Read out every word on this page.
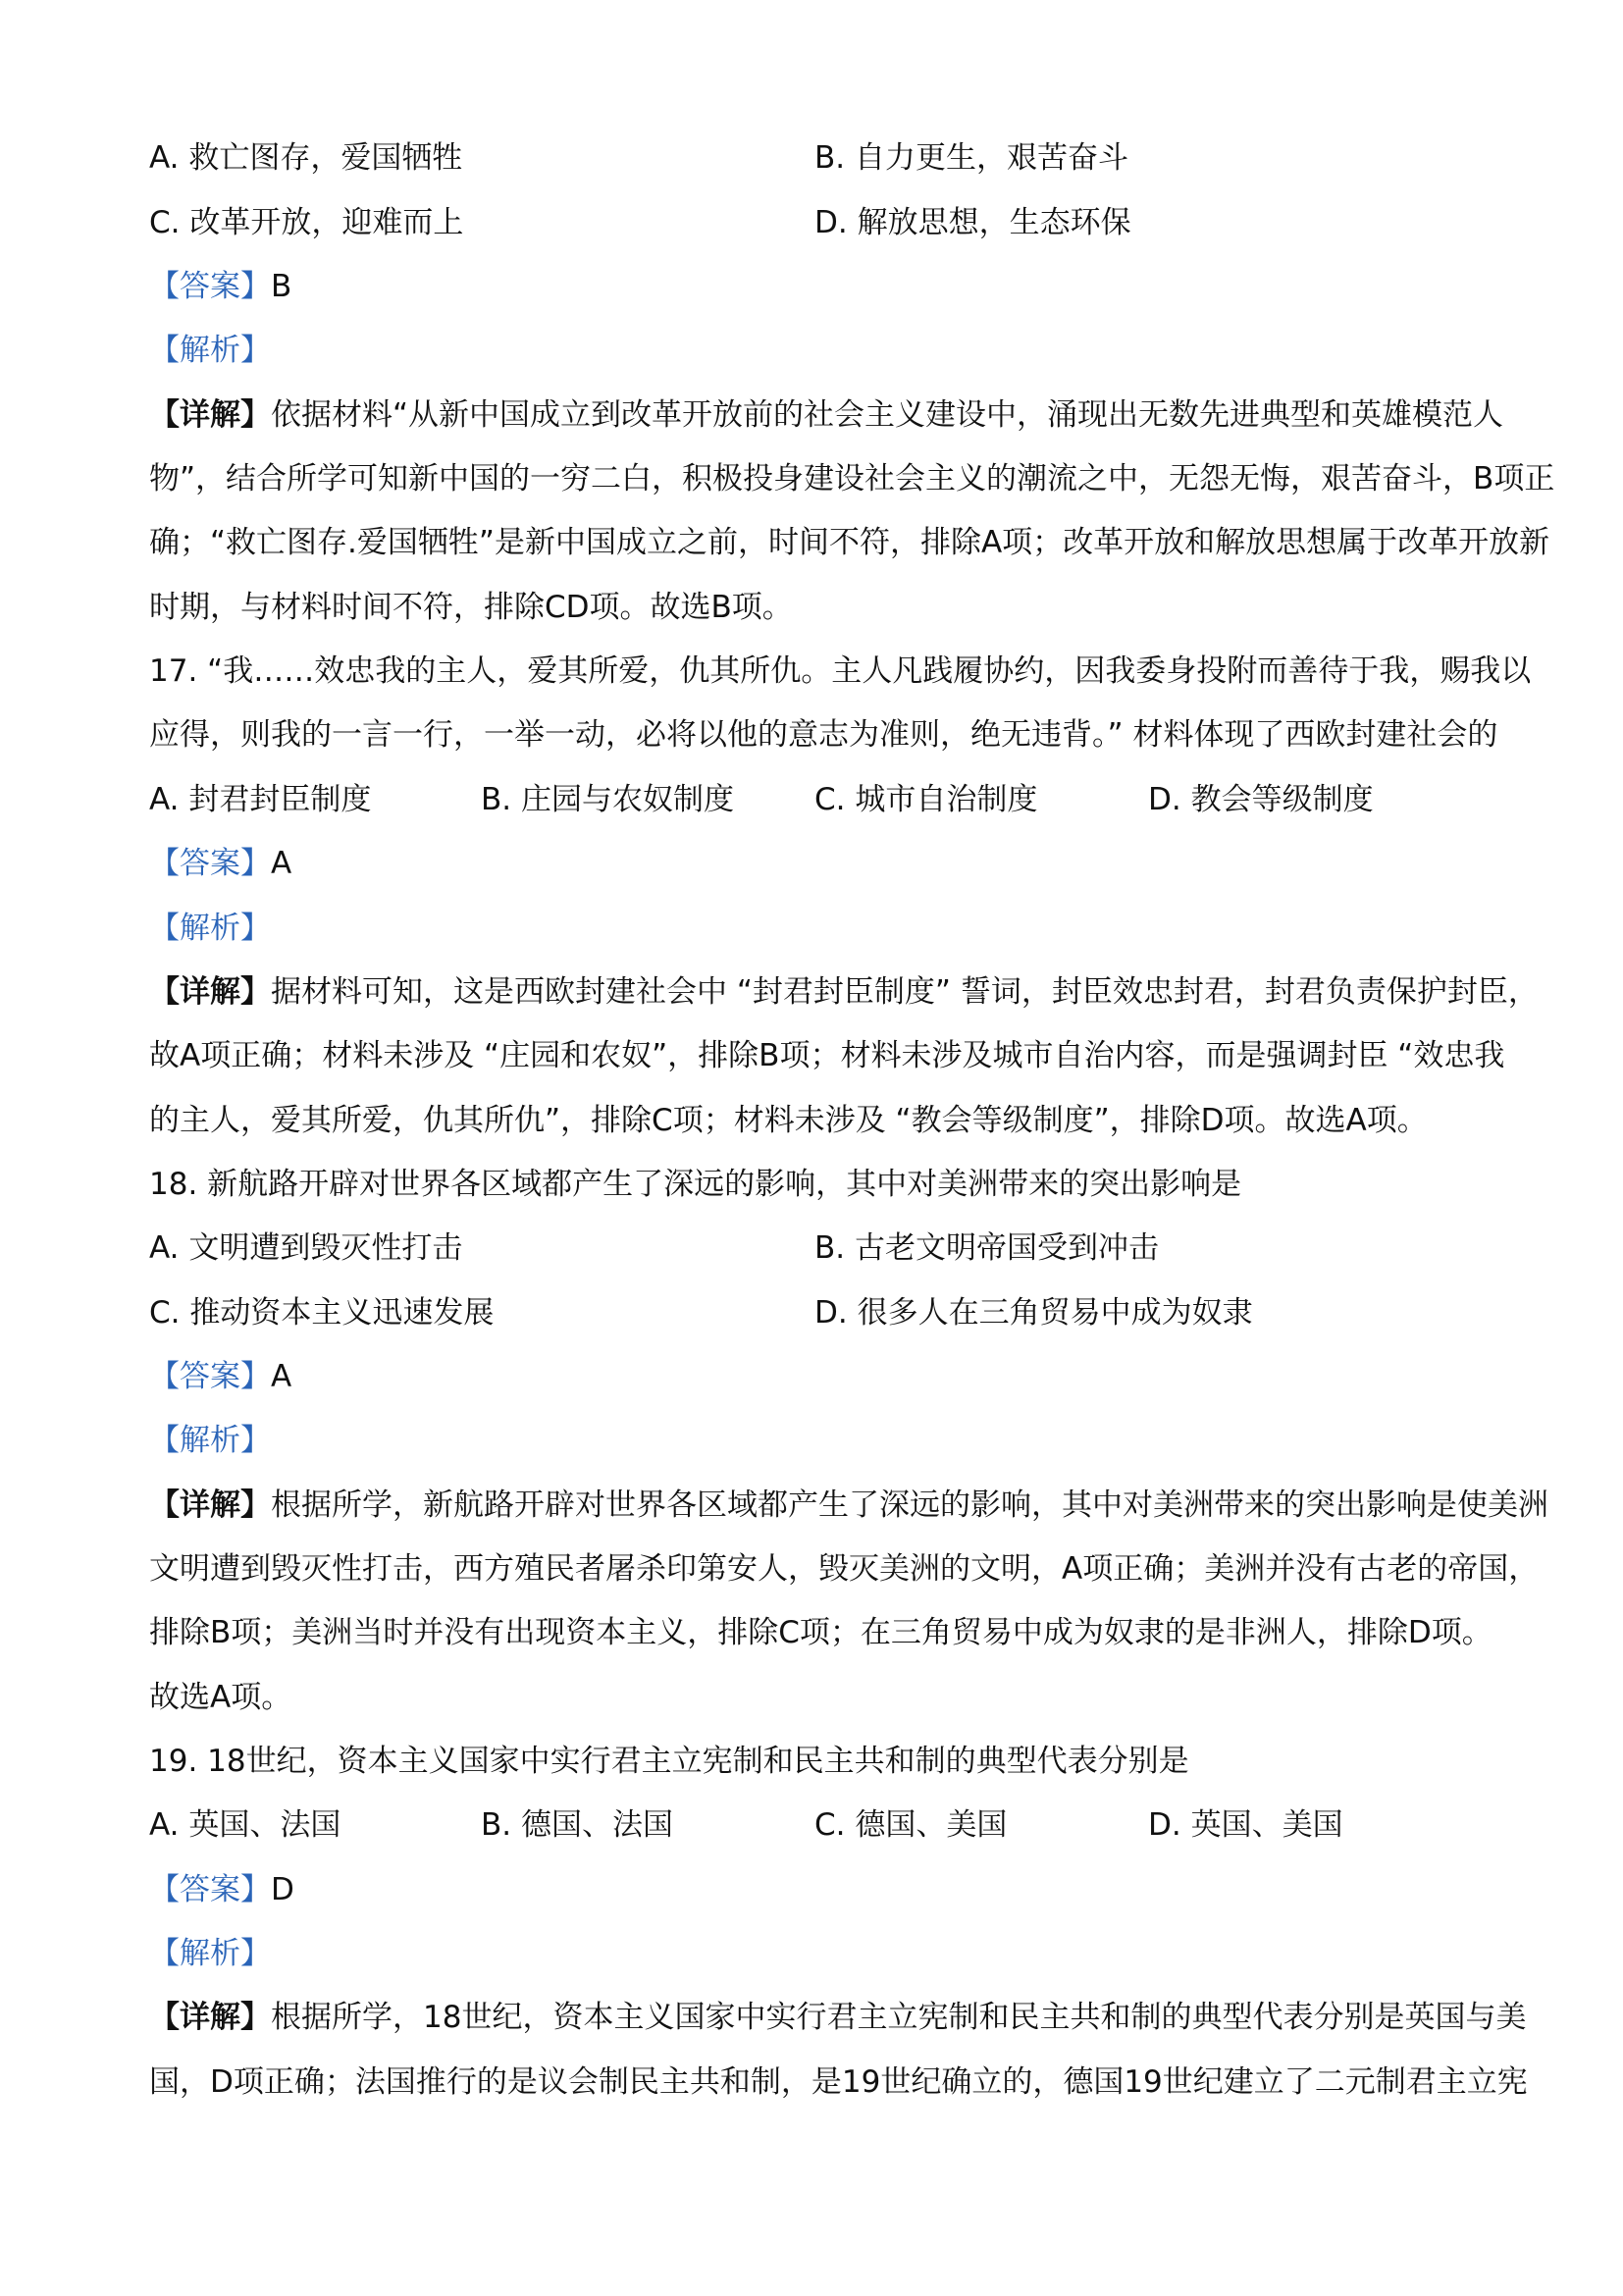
A. 救亡图存，爱国牺牲	B. 自力更生，艰苦奋斗
C. 改革开放，迎难而上	D. 解放思想，生态环保
【答案】B
【解析】
【详解】依据材料“从新中国成立到改革开放前的社会主义建设中，涌现出无数先进典型和英雄模范人
物”，结合所学可知新中国的一穷二白，积极投身建设社会主义的潮流之中，无怨无悔，艰苦奋斗，B项正
确；“救亡图存.爱国牺牲”是新中国成立之前，时间不符，排除A项；改革开放和解放思想属于改革开放新
时期，与材料时间不符，排除CD项。故选B项。
17. “我……效忠我的主人，爱其所爱，仇其所仇。主人凡践履协约，因我委身投附而善待于我，赐我以
应得，则我的一言一行，一举一动，必将以他的意志为准则，绝无违背。” 材料体现了西欧封建社会的
A. 封君封臣制度	B. 庄园与农奴制度	C. 城市自治制度	D. 教会等级制度
【答案】A
【解析】
【详解】据材料可知，这是西欧封建社会中 “封君封臣制度” 誓词，封臣效忠封君，封君负责保护封臣，
故A项正确；材料未涉及 “庄园和农奴”，排除B项；材料未涉及城市自治内容，而是强调封臣 “效忠我
的主人，爱其所爱，仇其所仇”，排除C项；材料未涉及 “教会等级制度”，排除D项。故选A项。
18. 新航路开辟对世界各区域都产生了深远的影响，其中对美洲带来的突出影响是
A. 文明遭到毁灭性打击	B. 古老文明帝国受到冲击
C. 推动资本主义迅速发展	D. 很多人在三角贸易中成为奴隶
【答案】A
【解析】
【详解】根据所学，新航路开辟对世界各区域都产生了深远的影响，其中对美洲带来的突出影响是使美洲
文明遭到毁灭性打击，西方殖民者屠杀印第安人，毁灭美洲的文明，A项正确；美洲并没有古老的帝国，
排除B项；美洲当时并没有出现资本主义，排除C项；在三角贸易中成为奴隶的是非洲人，排除D项。
故选A项。
19. 18世纪，资本主义国家中实行君主立宪制和民主共和制的典型代表分别是
A. 英国、法国	B. 德国、法国	C. 德国、美国	D. 英国、美国
【答案】D
【解析】
【详解】根据所学，18世纪，资本主义国家中实行君主立宪制和民主共和制的典型代表分别是英国与美
国，D项正确；法国推行的是议会制民主共和制，是19世纪确立的，德国19世纪建立了二元制君主立宪
